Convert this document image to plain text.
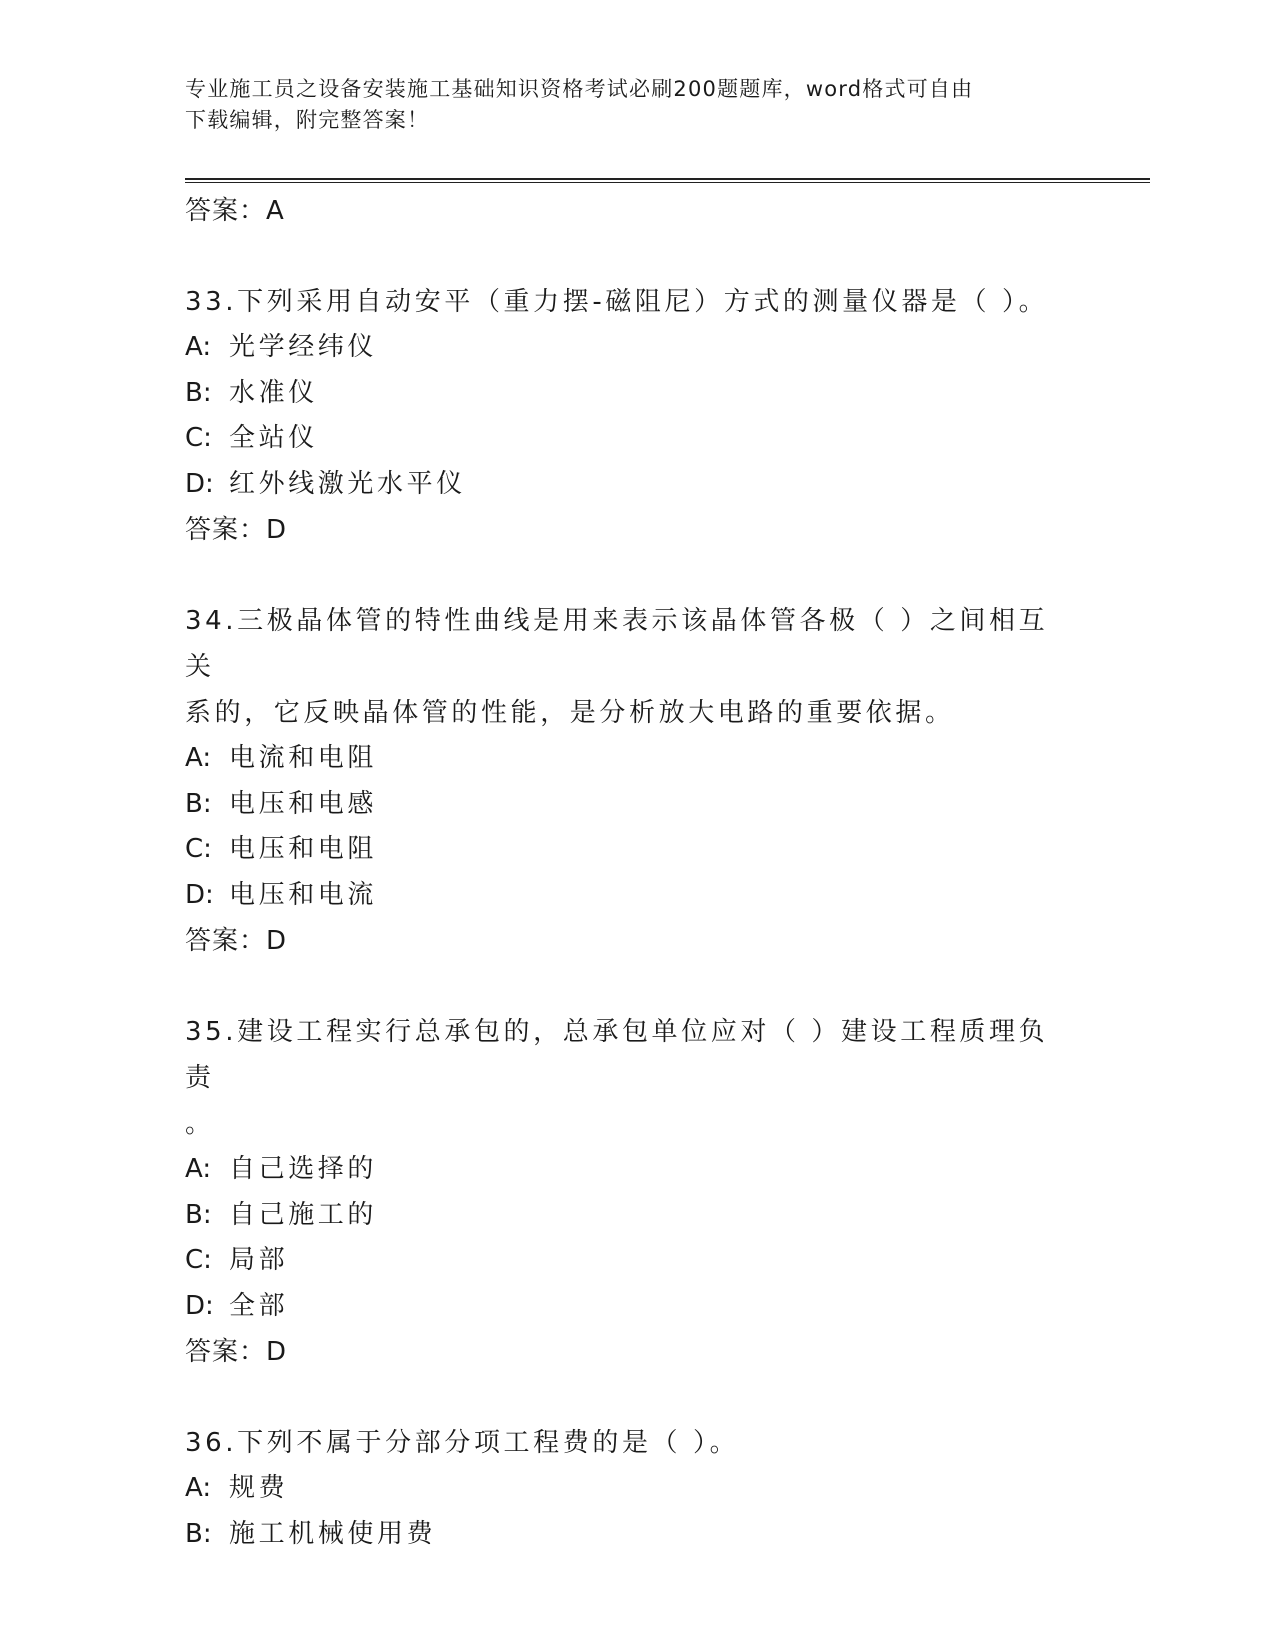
专业施工员之设备安装施工基础知识资格考试必刷200题题库，word格式可自由
下载编辑，附完整答案！
答案：A
33.下列采用自动安平（重力摆-磁阻尼）方式的测量仪器是（ ）。
A: 光学经纬仪
B: 水准仪
C: 全站仪
D: 红外线激光水平仪
答案：D
34.三极晶体管的特性曲线是用来表示该晶体管各极（ ）之间相互关
系的，它反映晶体管的性能，是分析放大电路的重要依据。
A: 电流和电阻
B: 电压和电感
C: 电压和电阻
D: 电压和电流
答案：D
35.建设工程实行总承包的，总承包单位应对（ ）建设工程质理负责
。
A: 自己选择的
B: 自己施工的
C: 局部
D: 全部
答案：D
36.下列不属于分部分项工程费的是（ ）。
A: 规费
B: 施工机械使用费
